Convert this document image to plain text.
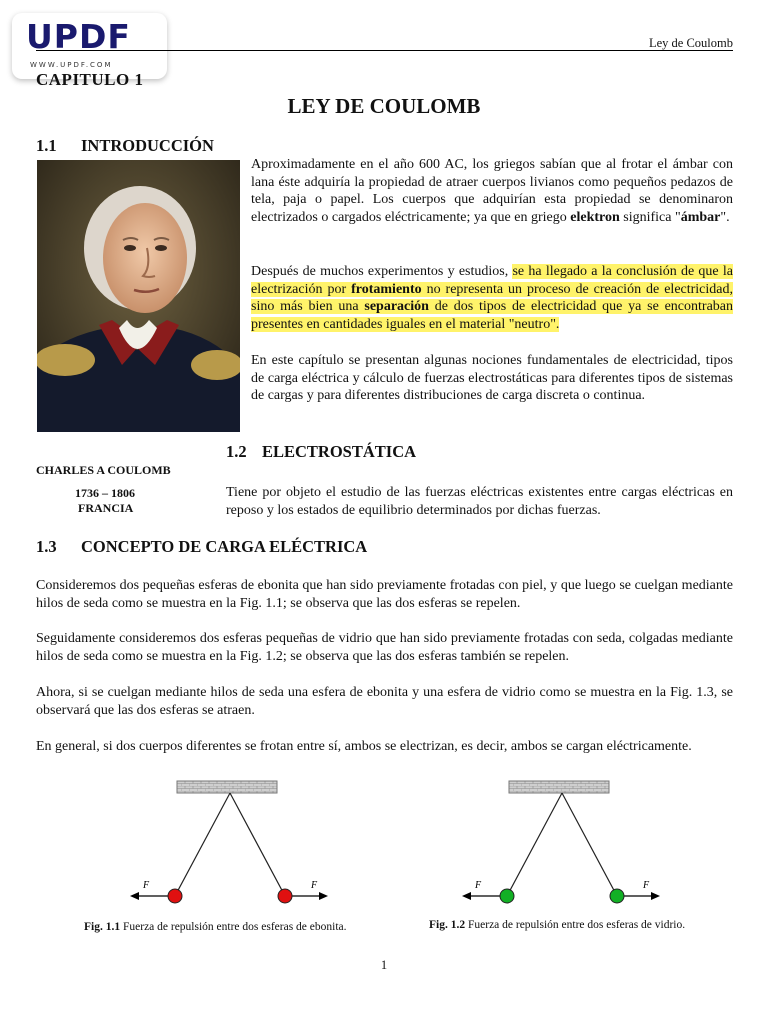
UPDF
WWW.UPDF.COM
Ley de Coulomb
CAPITULO 1
LEY DE COULOMB
1.1 INTRODUCCIÓN
CHARLES A COULOMB
1736 – 1806
FRANCIA
Aproximadamente en el año 600 AC, los griegos sabían que al frotar el ámbar con lana éste adquiría la propiedad de atraer cuerpos livianos como pequeños pedazos de tela, paja o papel. Los cuerpos que adquirían esta propiedad se denominaron electrizados o cargados eléctricamente; ya que en griego elektron significa "ámbar".
Después de muchos experimentos y estudios, se ha llegado a la conclusión de que la electrización por frotamiento no representa un proceso de creación de electricidad, sino más bien una separación de dos tipos de electricidad que ya se encontraban presentes en cantidades iguales en el material "neutro".
En este capítulo se presentan algunas nociones fundamentales de electricidad, tipos de carga eléctrica y cálculo de fuerzas electrostáticas para diferentes tipos de sistemas de cargas y para diferentes distribuciones de carga discreta o continua.
1.2 ELECTROSTÁTICA
Tiene por objeto el estudio de las fuerzas eléctricas existentes entre cargas eléctricas en reposo y los estados de equilibrio determinados por dichas fuerzas.
1.3 CONCEPTO DE CARGA ELÉCTRICA
Consideremos dos pequeñas esferas de ebonita que han sido previamente frotadas con piel, y que luego se cuelgan mediante hilos de seda como se muestra en la Fig. 1.1; se observa que las dos esferas se repelen.
Seguidamente consideremos dos esferas pequeñas de vidrio que han sido previamente frotadas con seda, colgadas mediante hilos de seda como se muestra en la Fig. 1.2; se observa que las dos esferas también se repelen.
Ahora, si se cuelgan mediante hilos de seda una esfera de ebonita y una esfera de vidrio como se muestra en la Fig. 1.3, se observará que las dos esferas se atraen.
En general, si dos cuerpos diferentes se frotan entre sí, ambos se electrizan, es decir, ambos se cargan eléctricamente.
F	F
Fig. 1.1 Fuerza de repulsión entre dos esferas de ebonita.
F	F
Fig. 1.2 Fuerza de repulsión entre dos esferas de vidrio.
1
